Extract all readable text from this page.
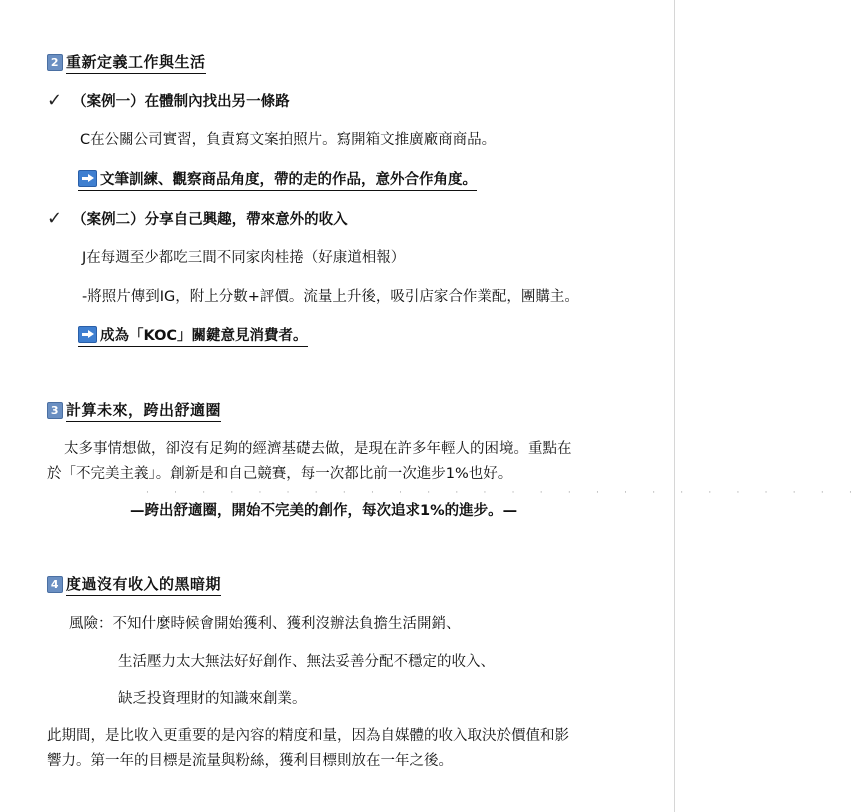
2 重新定義工作與生活
✓ （案例一）在體制內找出另一條路
C在公關公司實習，負責寫文案拍照片。寫開箱文推廣廠商商品。
文筆訓練、觀察商品角度，帶的走的作品，意外合作角度。
✓ （案例二）分享自己興趣，帶來意外的收入
J在每週至少都吃三間不同家肉桂捲（好康道相報）
-將照片傳到IG，附上分數+評價。流量上升後，吸引店家合作業配，團購主。
成為「KOC」關鍵意見消費者。
3 計算未來，跨出舒適圈
太多事情想做，卻沒有足夠的經濟基礎去做，是現在許多年輕人的困境。重點在
於「不完美主義」。創新是和自己競賽，每一次都比前一次進步1%也好。
· · · · · · · · · · · · · · · · · · · · · · · · · ·
—跨出舒適圈，開始不完美的創作，每次追求1%的進步。—
4 度過沒有收入的黑暗期
風險：不知什麼時候會開始獲利、獲利沒辦法負擔生活開銷、
生活壓力太大無法好好創作、無法妥善分配不穩定的收入、
缺乏投資理財的知識來創業。
此期間，是比收入更重要的是內容的精度和量，因為自媒體的收入取決於價值和影
響力。第一年的目標是流量與粉絲，獲利目標則放在一年之後。
